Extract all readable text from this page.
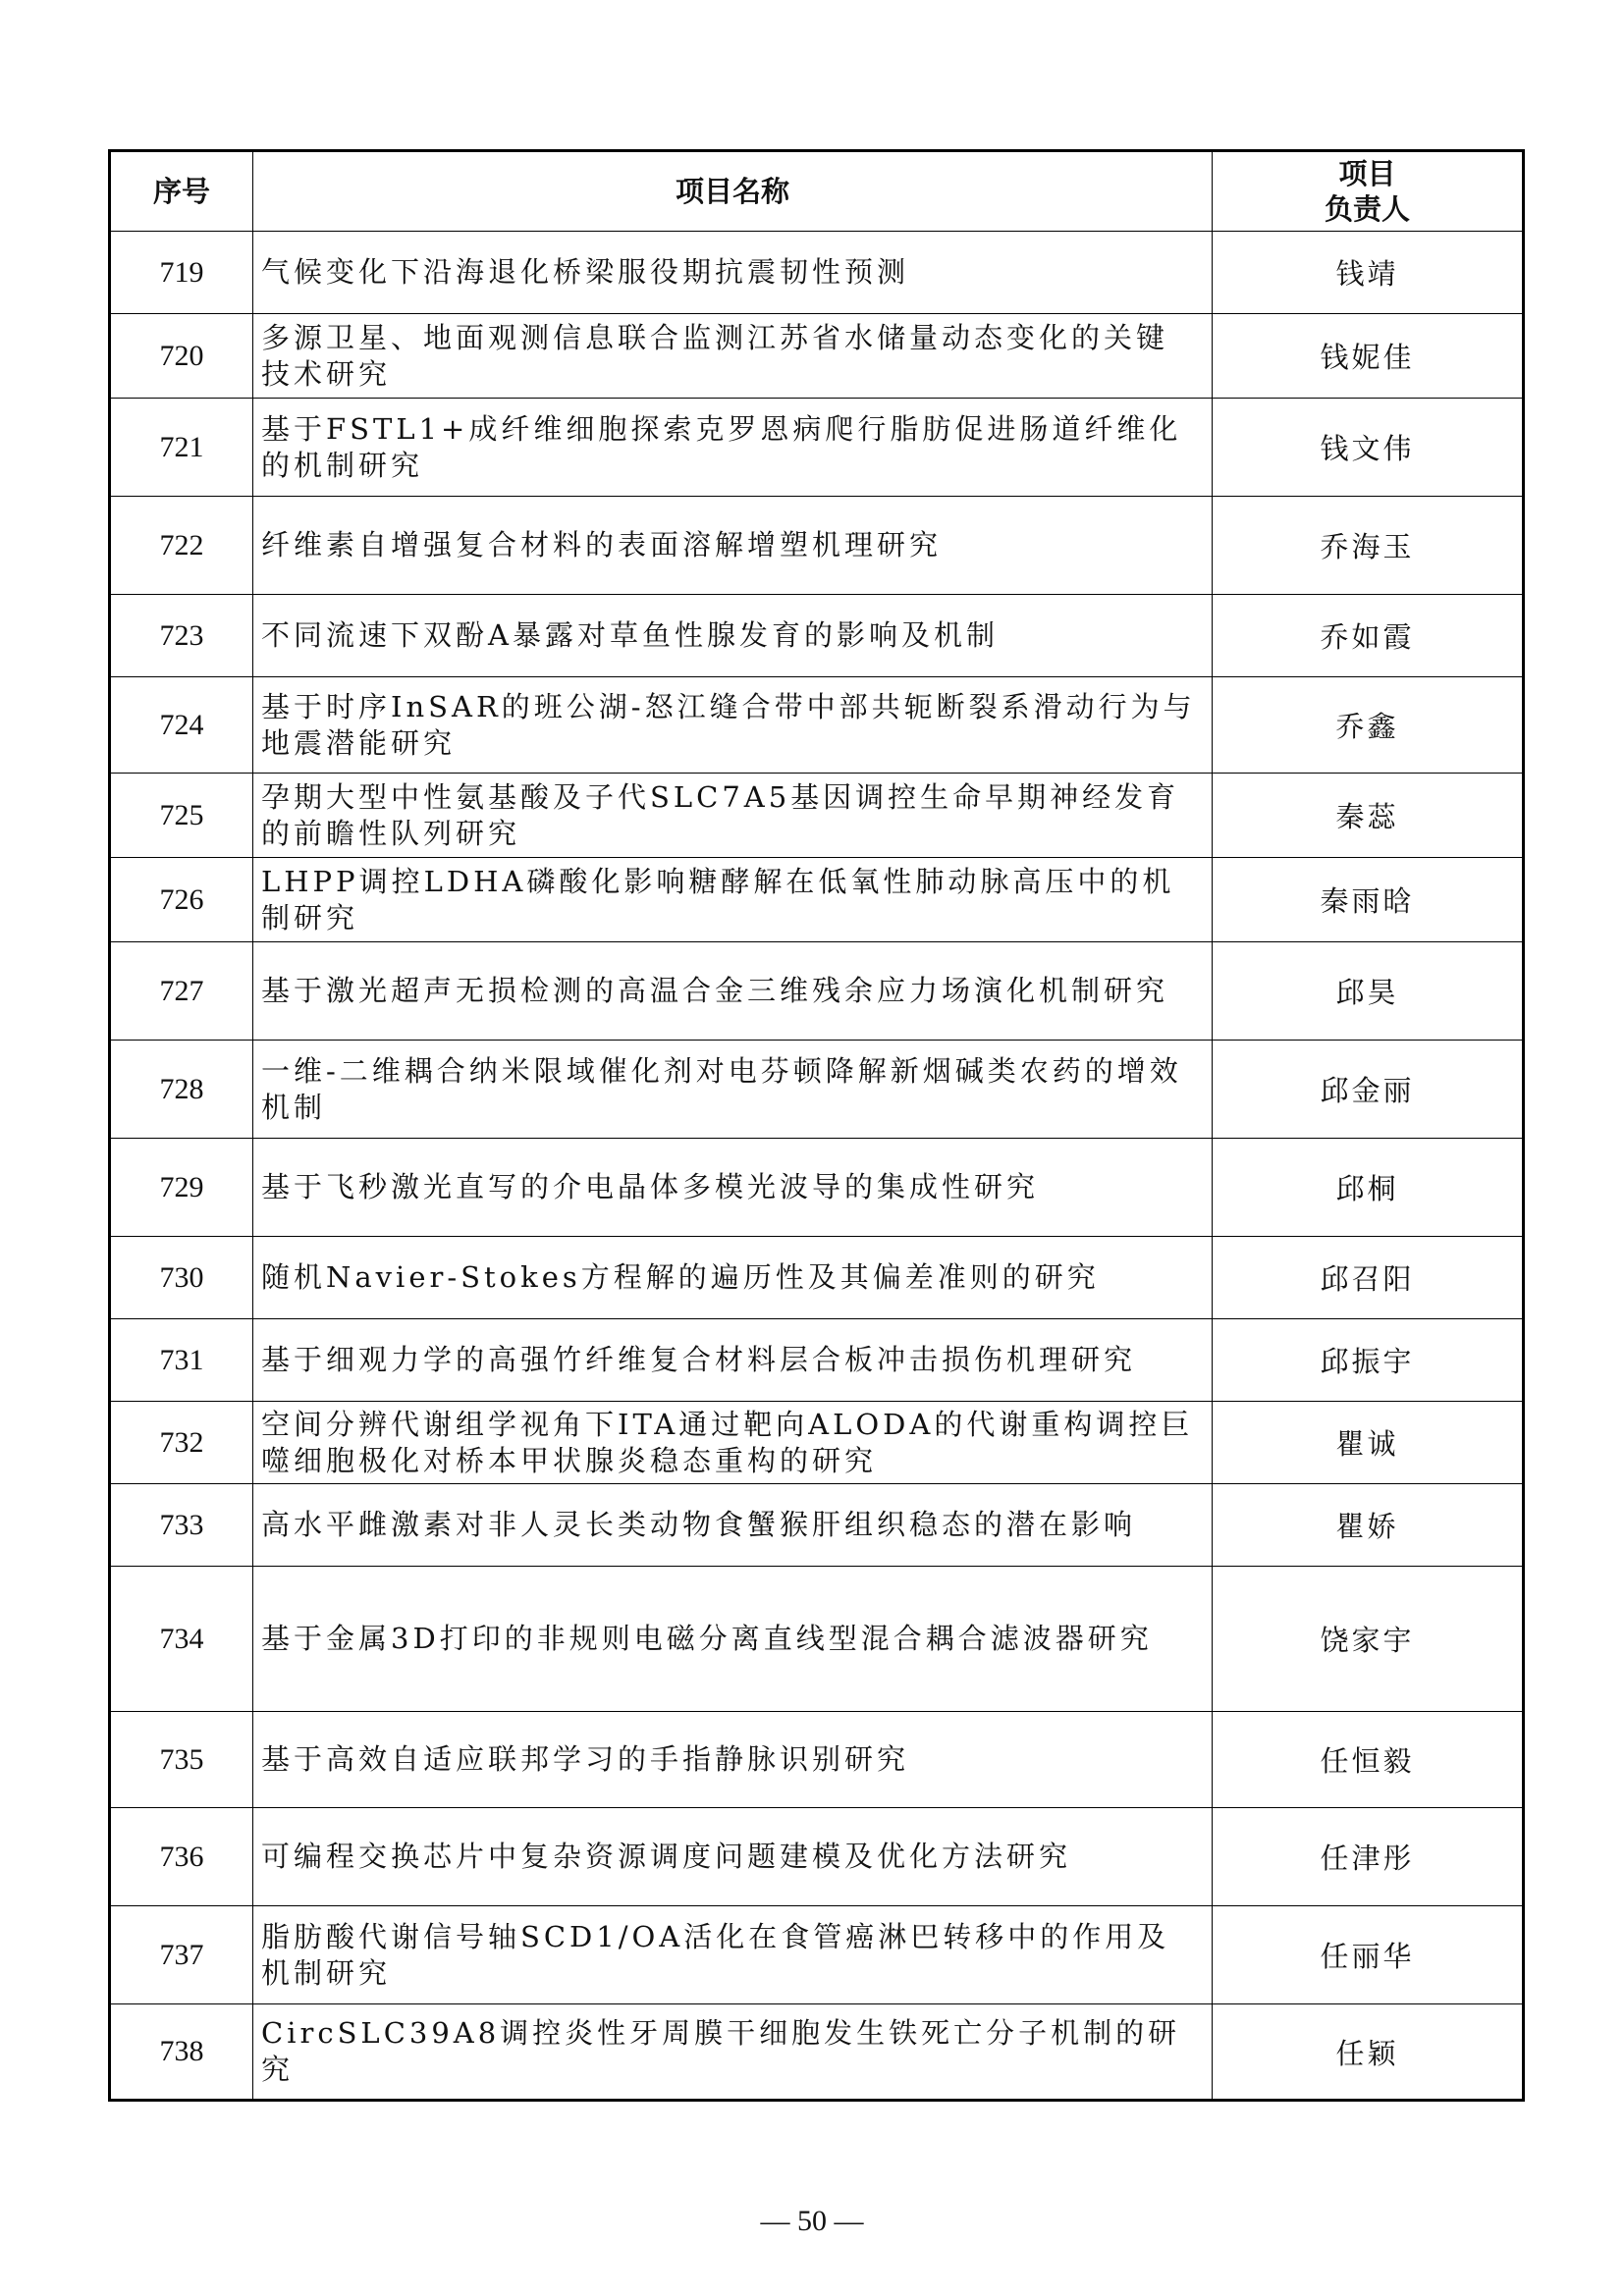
序号	项目名称	项目
负责人

719	气候变化下沿海退化桥梁服役期抗震韧性预测	钱靖
720	多源卫星、地面观测信息联合监测江苏省水储量动态变化的关键技术研究	钱妮佳
721	基于FSTL1+成纤维细胞探索克罗恩病爬行脂肪促进肠道纤维化的机制研究	钱文伟
722	纤维素自增强复合材料的表面溶解增塑机理研究	乔海玉
723	不同流速下双酚A暴露对草鱼性腺发育的影响及机制	乔如霞
724	基于时序InSAR的班公湖-怒江缝合带中部共轭断裂系滑动行为与地震潜能研究	乔鑫
725	孕期大型中性氨基酸及子代SLC7A5基因调控生命早期神经发育的前瞻性队列研究	秦蕊
726	LHPP调控LDHA磷酸化影响糖酵解在低氧性肺动脉高压中的机制研究	秦雨晗
727	基于激光超声无损检测的高温合金三维残余应力场演化机制研究	邱昊
728	一维-二维耦合纳米限域催化剂对电芬顿降解新烟碱类农药的增效机制	邱金丽
729	基于飞秒激光直写的介电晶体多模光波导的集成性研究	邱桐
730	随机Navier-Stokes方程解的遍历性及其偏差准则的研究	邱召阳
731	基于细观力学的高强竹纤维复合材料层合板冲击损伤机理研究	邱振宇
732	空间分辨代谢组学视角下ITA通过靶向ALODA的代谢重构调控巨噬细胞极化对桥本甲状腺炎稳态重构的研究	瞿诚
733	高水平雌激素对非人灵长类动物食蟹猴肝组织稳态的潜在影响	瞿娇
734	基于金属3D打印的非规则电磁分离直线型混合耦合滤波器研究	饶家宇
735	基于高效自适应联邦学习的手指静脉识别研究	任恒毅
736	可编程交换芯片中复杂资源调度问题建模及优化方法研究	任津彤
737	脂肪酸代谢信号轴SCD1/OA活化在食管癌淋巴转移中的作用及机制研究	任丽华
738	CircSLC39A8调控炎性牙周膜干细胞发生铁死亡分子机制的研究	任颖
— 50 —
